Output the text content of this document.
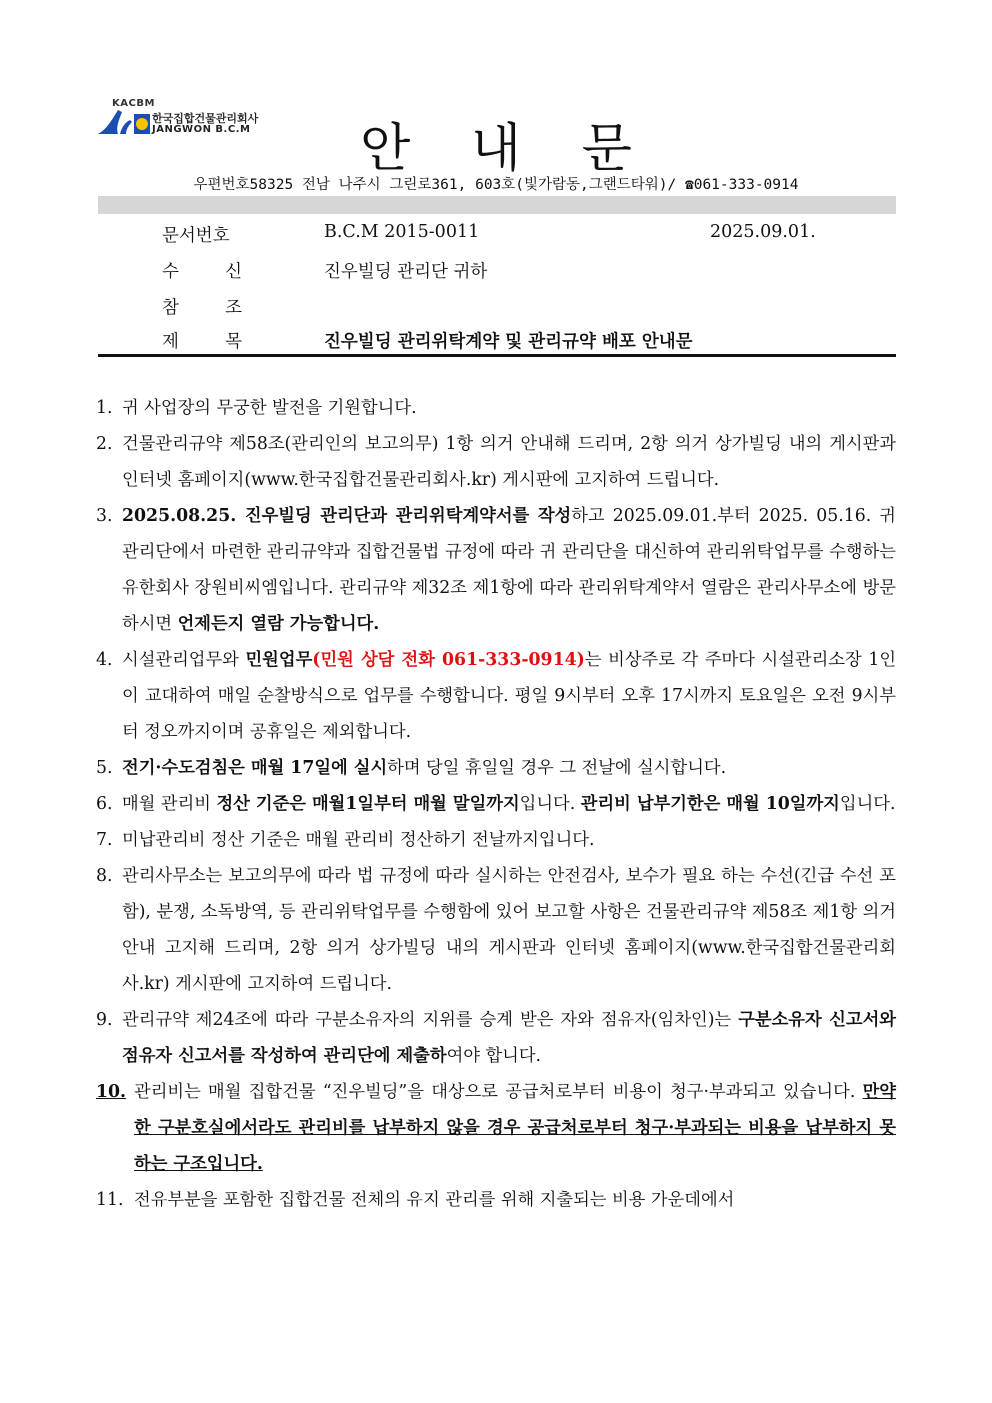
KACBM
한국집합건물관리회사
JANGWON B.C.M	안 내 문
우편번호58325 전남 나주시 그린로361, 603호(빛가람동,그랜드타워)/ ☎061-333-0914
문서번호	B.C.M 2015-0011	2025.09.01.
수	신	진우빌딩 관리단 귀하
참	조
제	목	진우빌딩 관리위탁계약 및 관리규약 배포 안내문
1. 귀 사업장의 무궁한 발전을 기원합니다.
2. 건물관리규약 제58조(관리인의 보고의무) 1항 의거 안내해 드리며, 2항 의거 상가빌딩 내의 게시판과 인터넷 홈페이지(www.한국집합건물관리회사.kr) 게시판에 고지하여 드립니다.
3. 2025.08.25. 진우빌딩 관리단과 관리위탁계약서를 작성하고 2025.09.01.부터 2025. 05.16. 귀 관리단에서 마련한 관리규약과 집합건물법 규정에 따라 귀 관리단을 대신하여 관리위탁업무를 수행하는 유한회사 장원비씨엠입니다. 관리규약 제32조 제1항에 따라 관리위탁계약서 열람은 관리사무소에 방문하시면 언제든지 열람 가능합니다.
4. 시설관리업무와 민원업무(민원 상담 전화 061-333-0914)는 비상주로 각 주마다 시설관리소장 1인이 교대하여 매일 순찰방식으로 업무를 수행합니다. 평일 9시부터 오후 17시까지 토요일은 오전 9시부터 정오까지이며 공휴일은 제외합니다.
5. 전기·수도검침은 매월 17일에 실시하며 당일 휴일일 경우 그 전날에 실시합니다.
6. 매월 관리비 정산 기준은 매월1일부터 매월 말일까지입니다. 관리비 납부기한은 매월 10일까지입니다.
7. 미납관리비 정산 기준은 매월 관리비 정산하기 전날까지입니다.
8. 관리사무소는 보고의무에 따라 법 규정에 따라 실시하는 안전검사, 보수가 필요 하는 수선(긴급 수선 포함), 분쟁, 소독방역, 등 관리위탁업무를 수행함에 있어 보고할 사항은 건물관리규약 제58조 제1항 의거 안내 고지해 드리며, 2항 의거 상가빌딩 내의 게시판과 인터넷 홈페이지(www.한국집합건물관리회사.kr) 게시판에 고지하여 드립니다.
9. 관리규약 제24조에 따라 구분소유자의 지위를 승계 받은 자와 점유자(임차인)는 구분소유자 신고서와 점유자 신고서를 작성하여 관리단에 제출하여야 합니다.
10. 관리비는 매월 집합건물 “진우빌딩”을 대상으로 공급처로부터 비용이 청구·부과되고 있습니다. 만약 한 구분호실에서라도 관리비를 납부하지 않을 경우 공급처로부터 청구·부과되는 비용을 납부하지 못하는 구조입니다.
11. 전유부분을 포함한 집합건물 전체의 유지 관리를 위해 지출되는 비용 가운데에서
